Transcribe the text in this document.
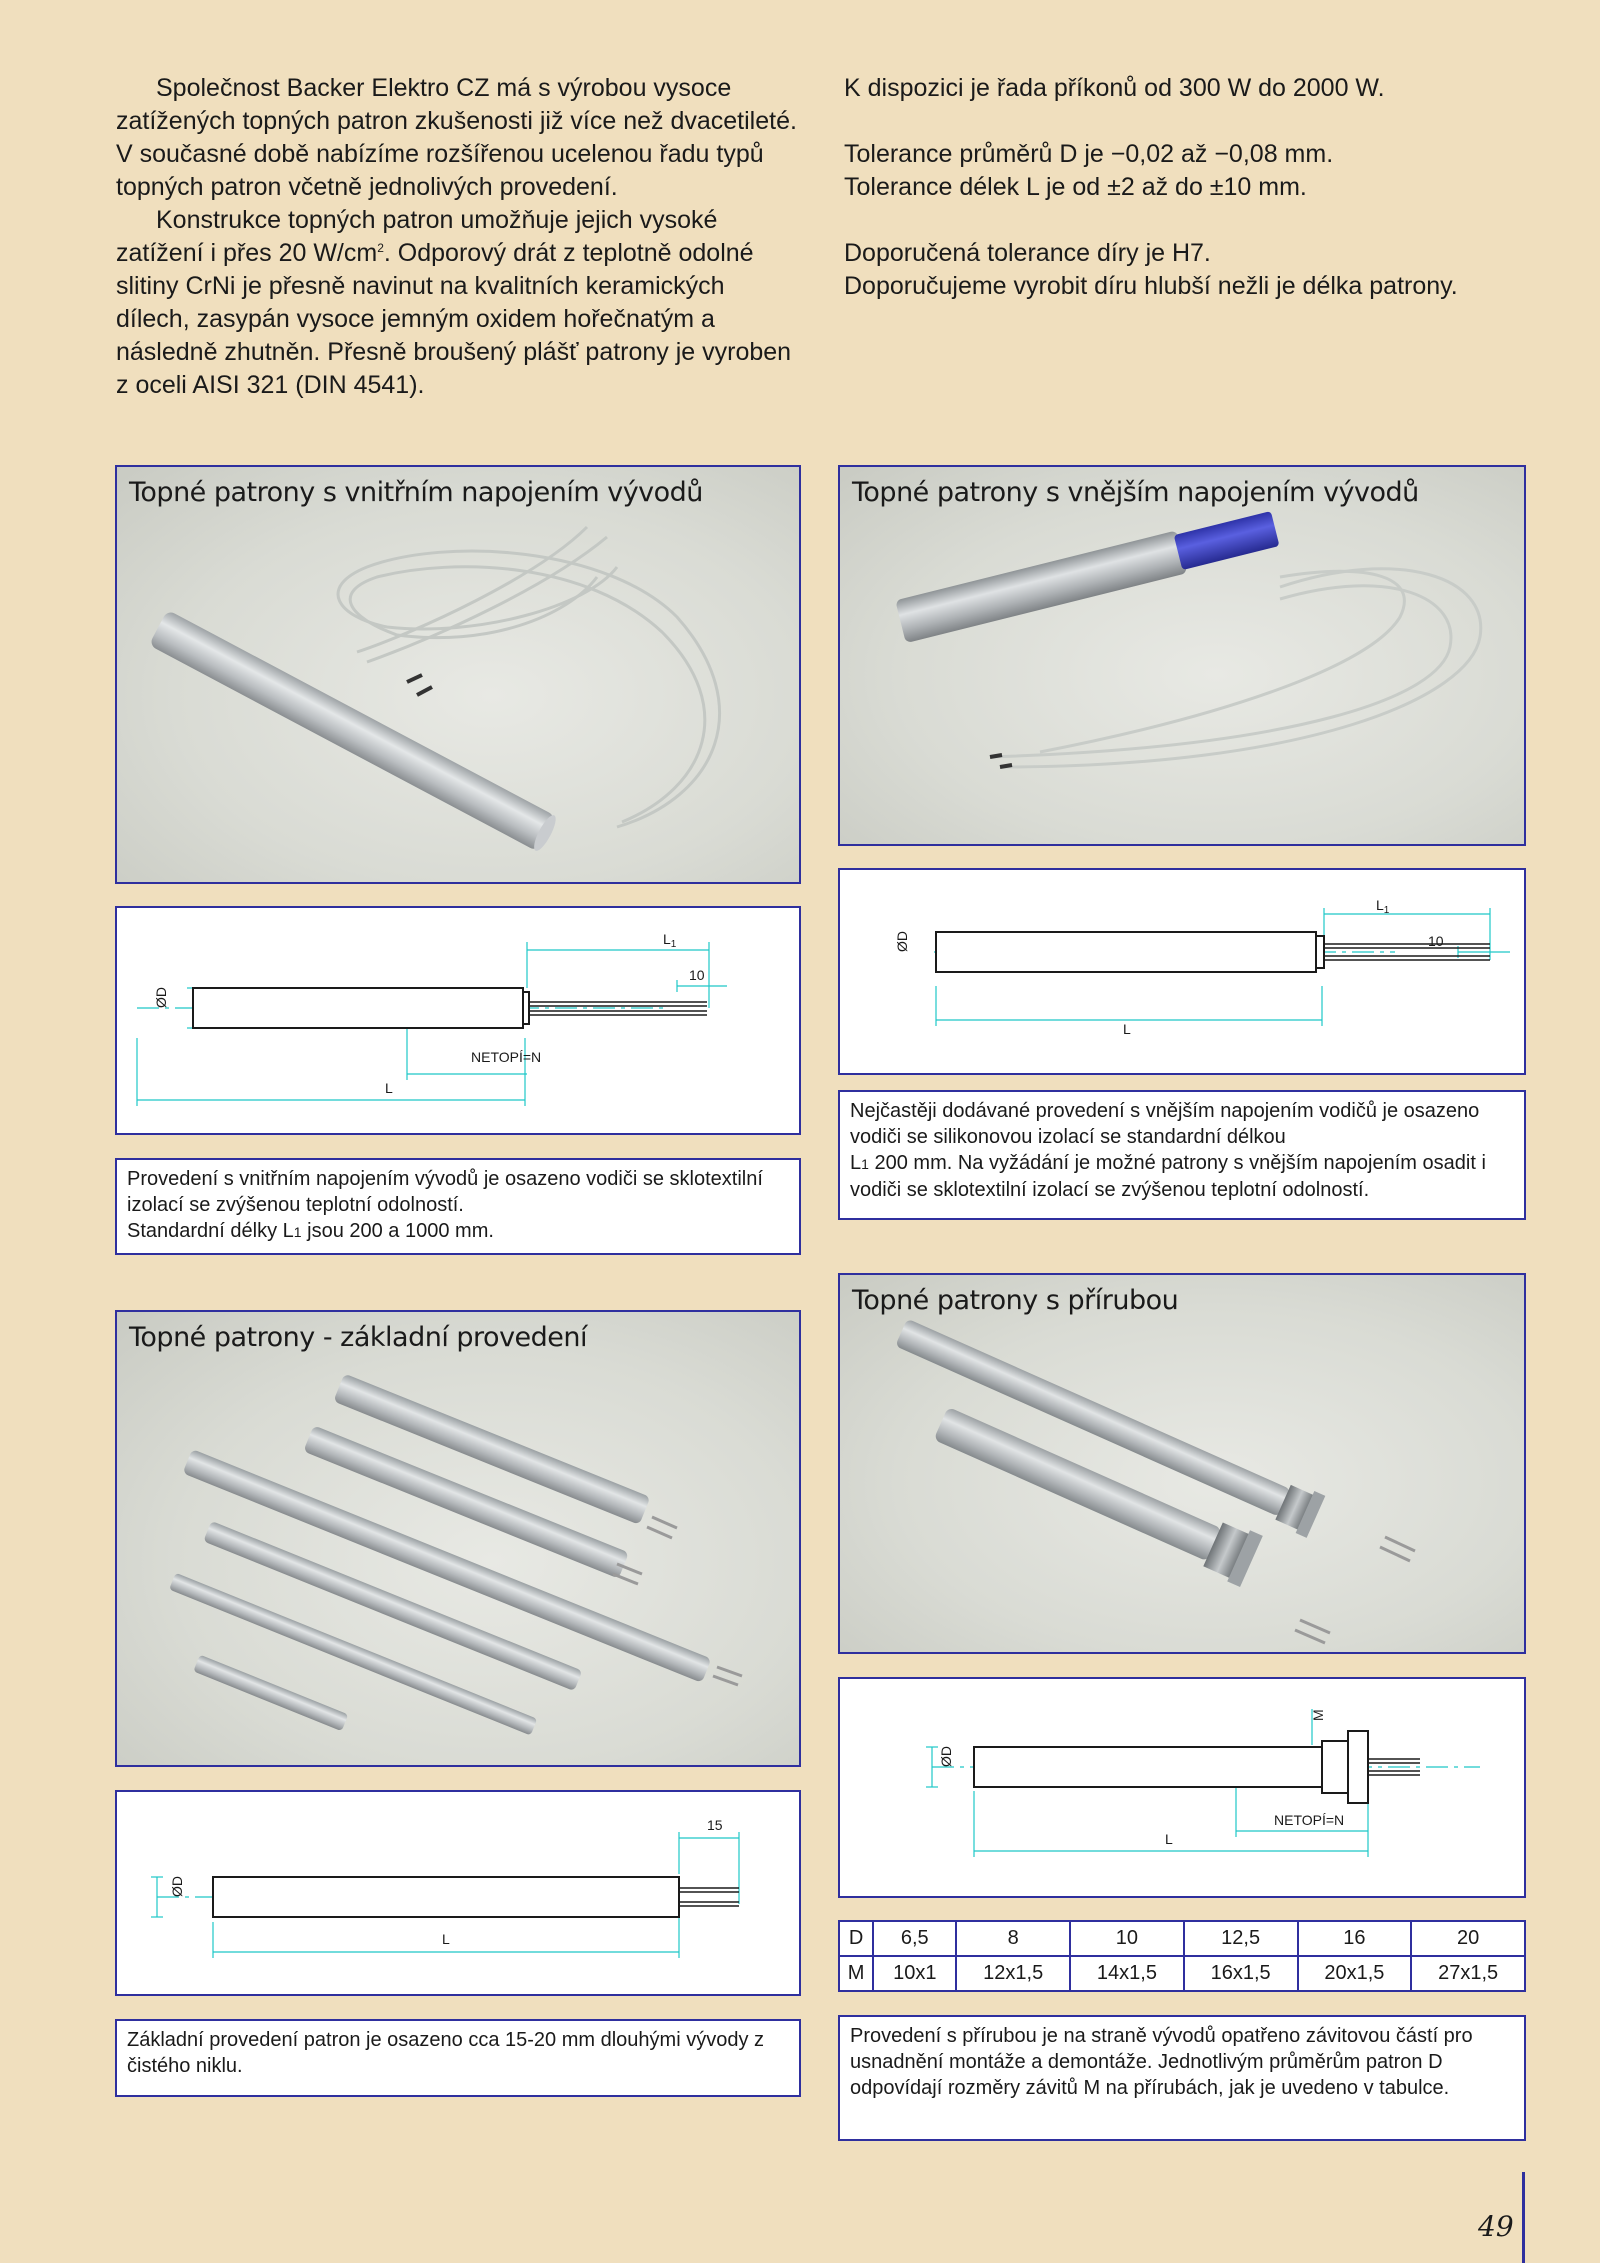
Společnost Backer Elektro CZ má s výrobou vysoce zatížených topných patron zkušenosti již více než dvacetileté. V současné době nabízíme rozšířenou ucelenou řadu typů topných patron včetně jednolivých provedení.

Konstrukce topných patron umožňuje jejich vysoké zatížení i přes 20 $W/cm^2$. Odporový drát z teplotně odolné slitiny CrNi je přesně navinut na kvalitních keramických dílech, zasypán vysoce jemným oxidem hořečnatým a následně zhutněn. Přesně broušený plášť patrony je vyroben z oceli AISI 321 (DIN 4541).

K dispozici je řada příkonů od 300 W do 2000 W.

Tolerance průměrů D je −0,02 až −0,08 mm.

Tolerance délek L je od ±2 až do ±10 mm.

Doporučená tolerance díry je H7.

Doporučujeme vyrobit díru hlubší nežli je délka patrony.

Topné patrony s vnitřním napojením vývodů
ØD
L
NETOPÍ=N
$L_1$
10

Provedení s vnitřním napojením vývodů je osazeno vodiči se sklotextilní izolací se zvýšenou teplotní odolností.

Standardní délky L1 jsou 200 a 1000 mm.

Topné patrony s vnějším napojením vývodů
ØD
L
$L_1$
10

Nejčastěji dodávané provedení s vnějším napojením vodičů je osazeno vodiči se silikonovou izolací se standardní délkou

L1 200 mm. Na vyžádání je možné patrony s vnějším napojením osadit i vodiči se sklotextilní izolací se zvýšenou teplotní odolností.

Topné patrony - základní provedení
ØD
L
15

Základní provedení patron je osazeno cca 15-20 mm dlouhými vývody z čistého niklu.

Topné patrony s přírubou
ØD
M
L
NETOPÍ=N
D	6,5	8	10	12,5	16	20
M	10x1	12x1,5	14x1,5	16x1,5	20x1,5	27x1,5

Provedení s přírubou je na straně vývodů opatřeno závitovou částí pro usnadnění montáže a demontáže. Jednotlivým průměrům patron D odpovídají rozměry závitů M na přírubách, jak je uvedeno v tabulce.

49
